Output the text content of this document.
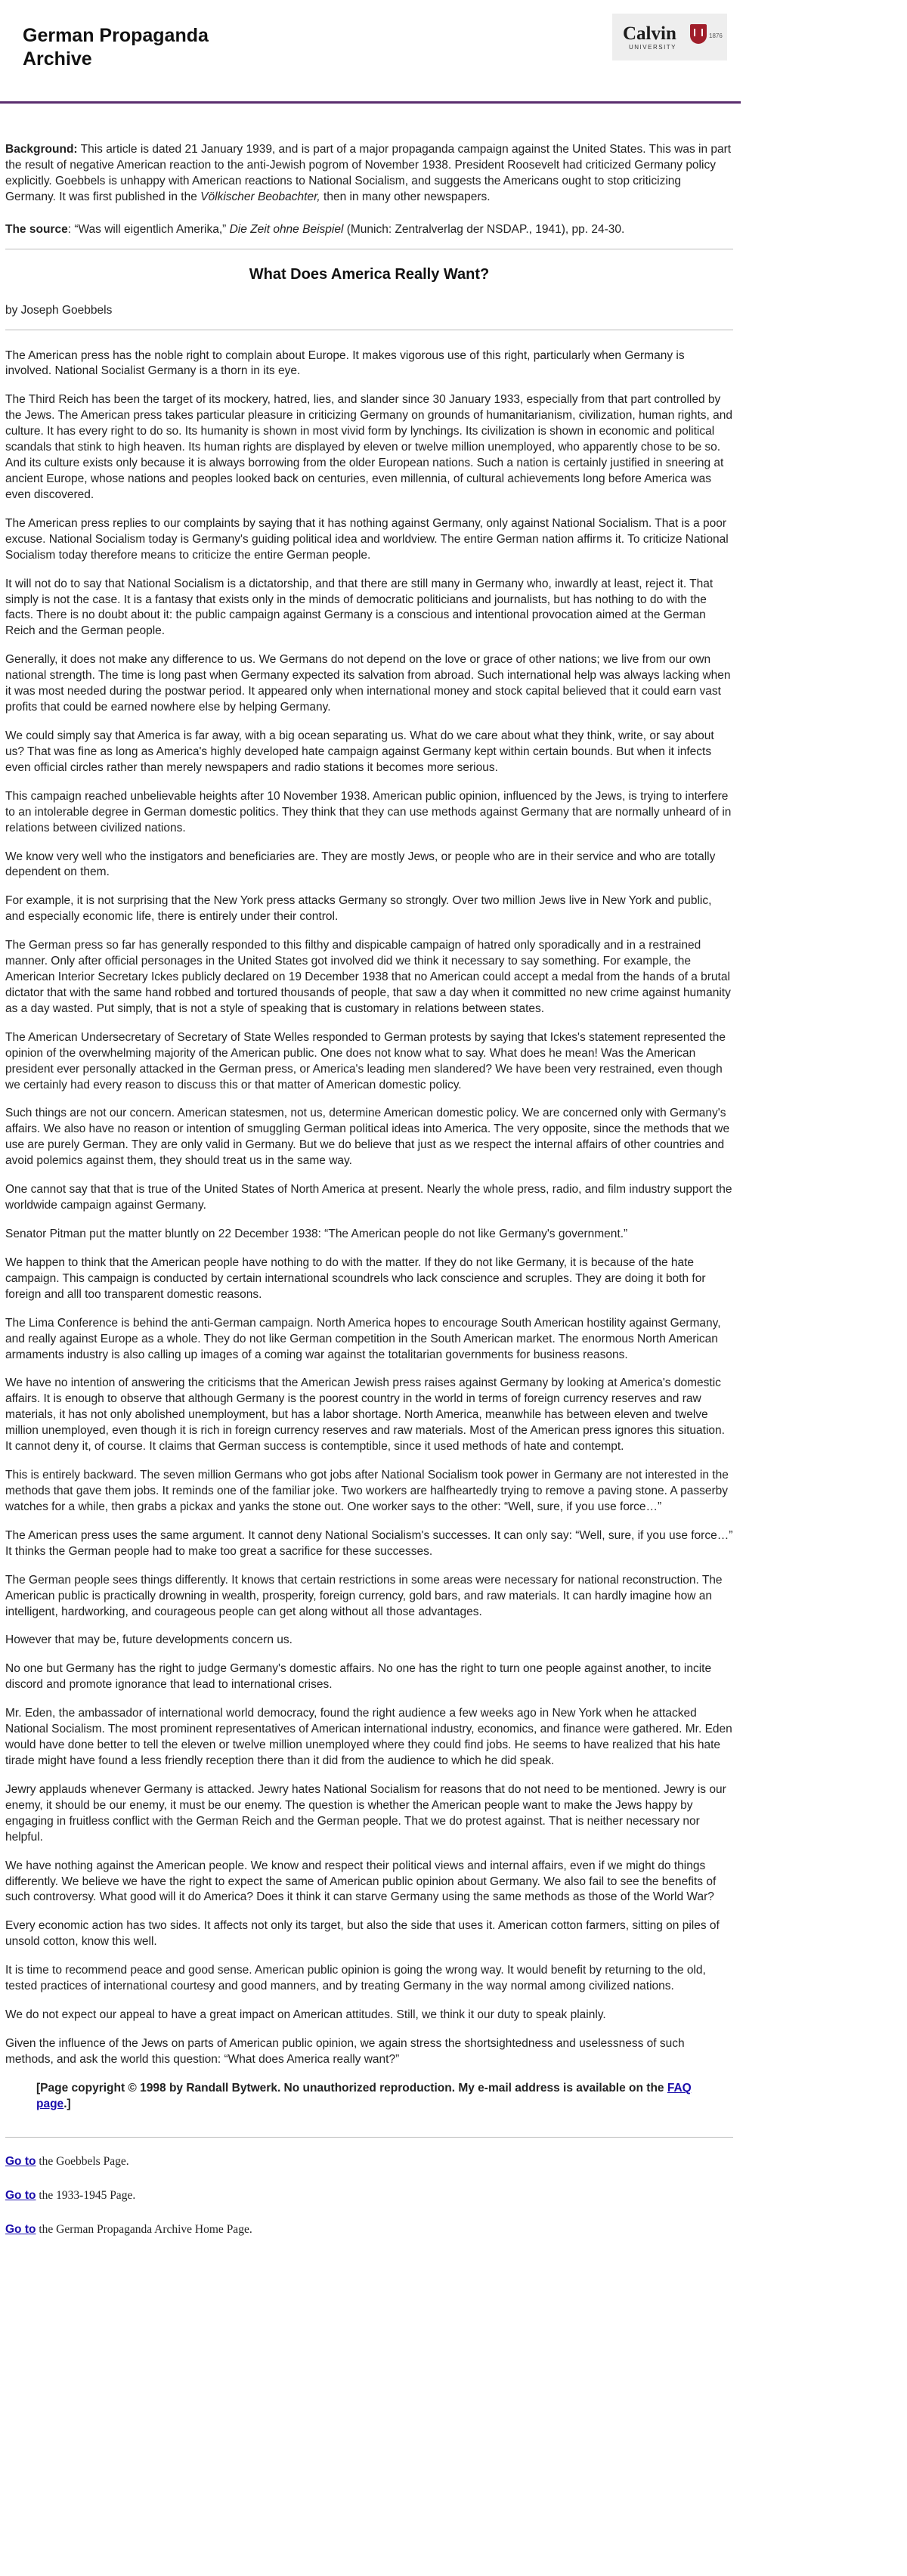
German Propaganda Archive
Calvin	1876
UNIVERSITY
Background: This article is dated 21 January 1939, and is part of a major propaganda campaign against the United States. This was in part the result of negative American reaction to the anti-Jewish pogrom of November 1938. President Roosevelt had criticized Germany policy explicitly. Goebbels is unhappy with American reactions to National Socialism, and suggests the Americans ought to stop criticizing Germany. It was first published in the Völkischer Beobachter, then in many other newspapers.
The source: “Was will eigentlich Amerika,” Die Zeit ohne Beispiel (Munich: Zentralverlag der NSDAP., 1941), pp. 24-30.
What Does America Really Want?
by Joseph Goebbels

The American press has the noble right to complain about Europe. It makes vigorous use of this right, particularly when Germany is involved. National Socialist Germany is a thorn in its eye.

The Third Reich has been the target of its mockery, hatred, lies, and slander since 30 January 1933, especially from that part controlled by the Jews. The American press takes particular pleasure in criticizing Germany on grounds of humanitarianism, civilization, human rights, and culture. It has every right to do so. Its humanity is shown in most vivid form by lynchings. Its civilization is shown in economic and political scandals that stink to high heaven. Its human rights are displayed by eleven or twelve million unemployed, who apparently chose to be so. And its culture exists only because it is always borrowing from the older European nations. Such a nation is certainly justified in sneering at ancient Europe, whose nations and peoples looked back on centuries, even millennia, of cultural achievements long before America was even discovered.

The American press replies to our complaints by saying that it has nothing against Germany, only against National Socialism. That is a poor excuse. National Socialism today is Germany's guiding political idea and worldview. The entire German nation affirms it. To criticize National Socialism today therefore means to criticize the entire German people.

It will not do to say that National Socialism is a dictatorship, and that there are still many in Germany who, inwardly at least, reject it. That simply is not the case. It is a fantasy that exists only in the minds of democratic politicians and journalists, but has nothing to do with the facts. There is no doubt about it: the public campaign against Germany is a conscious and intentional provocation aimed at the German Reich and the German people.

Generally, it does not make any difference to us. We Germans do not depend on the love or grace of other nations; we live from our own national strength. The time is long past when Germany expected its salvation from abroad. Such international help was always lacking when it was most needed during the postwar period. It appeared only when international money and stock capital believed that it could earn vast profits that could be earned nowhere else by helping Germany.

We could simply say that America is far away, with a big ocean separating us. What do we care about what they think, write, or say about us? That was fine as long as America's highly developed hate campaign against Germany kept within certain bounds. But when it infects even official circles rather than merely newspapers and radio stations it becomes more serious.

This campaign reached unbelievable heights after 10 November 1938. American public opinion, influenced by the Jews, is trying to interfere to an intolerable degree in German domestic politics. They think that they can use methods against Germany that are normally unheard of in relations between civilized nations.

We know very well who the instigators and beneficiaries are. They are mostly Jews, or people who are in their service and who are totally dependent on them.

For example, it is not surprising that the New York press attacks Germany so strongly. Over two million Jews live in New York and public, and especially economic life, there is entirely under their control.

The German press so far has generally responded to this filthy and dispicable campaign of hatred only sporadically and in a restrained manner. Only after official personages in the United States got involved did we think it necessary to say something. For example, the American Interior Secretary Ickes publicly declared on 19 December 1938 that no American could accept a medal from the hands of a brutal dictator that with the same hand robbed and tortured thousands of people, that saw a day when it committed no new crime against humanity as a day wasted. Put simply, that is not a style of speaking that is customary in relations between states.

The American Undersecretary of Secretary of State Welles responded to German protests by saying that Ickes's statement represented the opinion of the overwhelming majority of the American public. One does not know what to say. What does he mean! Was the American president ever personally attacked in the German press, or America's leading men slandered? We have been very restrained, even though we certainly had every reason to discuss this or that matter of American domestic policy.

Such things are not our concern. American statesmen, not us, determine American domestic policy. We are concerned only with Germany's affairs. We also have no reason or intention of smuggling German political ideas into America. The very opposite, since the methods that we use are purely German. They are only valid in Germany. But we do believe that just as we respect the internal affairs of other countries and avoid polemics against them, they should treat us in the same way.

One cannot say that that is true of the United States of North America at present. Nearly the whole press, radio, and film industry support the worldwide campaign against Germany.

Senator Pitman put the matter bluntly on 22 December 1938: “The American people do not like Germany's government.”

We happen to think that the American people have nothing to do with the matter. If they do not like Germany, it is because of the hate campaign. This campaign is conducted by certain international scoundrels who lack conscience and scruples. They are doing it both for foreign and alll too transparent domestic reasons.

The Lima Conference is behind the anti-German campaign. North America hopes to encourage South American hostility against Germany, and really against Europe as a whole. They do not like German competition in the South American market. The enormous North American armaments industry is also calling up images of a coming war against the totalitarian governments for business reasons.

We have no intention of answering the criticisms that the American Jewish press raises against Germany by looking at America's domestic affairs. It is enough to observe that although Germany is the poorest country in the world in terms of foreign currency reserves and raw materials, it has not only abolished unemployment, but has a labor shortage. North America, meanwhile has between eleven and twelve million unemployed, even though it is rich in foreign currency reserves and raw materials. Most of the American press ignores this situation. It cannot deny it, of course. It claims that German success is contemptible, since it used methods of hate and contempt.

This is entirely backward. The seven million Germans who got jobs after National Socialism took power in Germany are not interested in the methods that gave them jobs. It reminds one of the familiar joke. Two workers are halfheartedly trying to remove a paving stone. A passerby watches for a while, then grabs a pickax and yanks the stone out. One worker says to the other: “Well, sure, if you use force…”

The American press uses the same argument. It cannot deny National Socialism's successes. It can only say: “Well, sure, if you use force…” It thinks the German people had to make too great a sacrifice for these successes.

The German people sees things differently. It knows that certain restrictions in some areas were necessary for national reconstruction. The American public is practically drowning in wealth, prosperity, foreign currency, gold bars, and raw materials. It can hardly imagine how an intelligent, hardworking, and courageous people can get along without all those advantages.

However that may be, future developments concern us.

No one but Germany has the right to judge Germany's domestic affairs. No one has the right to turn one people against another, to incite discord and promote ignorance that lead to international crises.

Mr. Eden, the ambassador of international world democracy, found the right audience a few weeks ago in New York when he attacked National Socialism. The most prominent representatives of American international industry, economics, and finance were gathered. Mr. Eden would have done better to tell the eleven or twelve million unemployed where they could find jobs. He seems to have realized that his hate tirade might have found a less friendly reception there than it did from the audience to which he did speak.

Jewry applauds whenever Germany is attacked. Jewry hates National Socialism for reasons that do not need to be mentioned. Jewry is our enemy, it should be our enemy, it must be our enemy. The question is whether the American people want to make the Jews happy by engaging in fruitless conflict with the German Reich and the German people. That we do protest against. That is neither necessary nor helpful.

We have nothing against the American people. We know and respect their political views and internal affairs, even if we might do things differently. We believe we have the right to expect the same of American public opinion about Germany. We also fail to see the benefits of such controversy. What good will it do America? Does it think it can starve Germany using the same methods as those of the World War?

Every economic action has two sides. It affects not only its target, but also the side that uses it. American cotton farmers, sitting on piles of unsold cotton, know this well.

It is time to recommend peace and good sense. American public opinion is going the wrong way. It would benefit by returning to the old, tested practices of international courtesy and good manners, and by treating Germany in the way normal among civilized nations.

We do not expect our appeal to have a great impact on American attitudes. Still, we think it our duty to speak plainly.

Given the influence of the Jews on parts of American public opinion, we again stress the shortsightedness and uselessness of such methods, and ask the world this question: “What does America really want?”

[Page copyright © 1998 by Randall Bytwerk. No unauthorized reproduction. My e-mail address is available on the FAQ page.]
Go to the Goebbels Page.
Go to the 1933-1945 Page.
Go to the German Propaganda Archive Home Page.
